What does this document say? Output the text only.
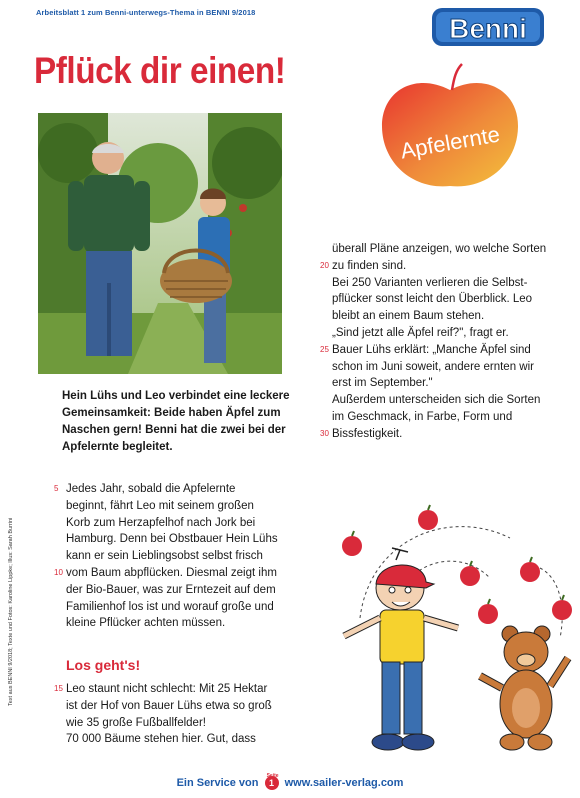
Arbeitsblatt 1 zum Benni-unterwegs-Thema in BENNI 9/2018
Benni
Pflück dir einen!
Apfelernte
Hein Lühs und Leo verbindet eine leckere Gemeinsamkeit: Beide haben Äpfel zum Naschen gern! Benni hat die zwei bei der Apfelernte begleitet.

5 Jedes Jahr, sobald die Apfelernte

beginnt, fährt Leo mit seinem großen

Korb zum Herzapfelhof nach Jork bei

Hamburg. Denn bei Obstbauer Hein Lühs

kann er sein Lieblingsobst selbst frisch

10 vom Baum abpflücken. Diesmal zeigt ihm

der Bio-Bauer, was zur Erntezeit auf dem

Familienhof los ist und worauf große und

kleine Pflücker achten müssen.

Los geht's!

15 Leo staunt nicht schlecht: Mit 25 Hektar

ist der Hof von Bauer Lühs etwa so groß

wie 35 große Fußballfelder!

70 000 Bäume stehen hier. Gut, dass

überall Pläne anzeigen, wo welche Sorten

20 zu finden sind.

Bei 250 Varianten verlieren die Selbst-

pflücker sonst leicht den Überblick. Leo

bleibt an einem Baum stehen.

„Sind jetzt alle Äpfel reif?", fragt er.

25 Bauer Lühs erklärt: „Manche Äpfel sind

schon im Juni soweit, andere ernten wir

erst im September."

Außerdem unterscheiden sich die Sorten

im Geschmack, in Farbe, Form und

30 Bissfestigkeit.

Text aus BENNI 9/2018; Texte und Fotos: Karoline Lippke; Illus: Sarah Burrini
Ein Service von
Seite
1 www.sailer-verlag.com
